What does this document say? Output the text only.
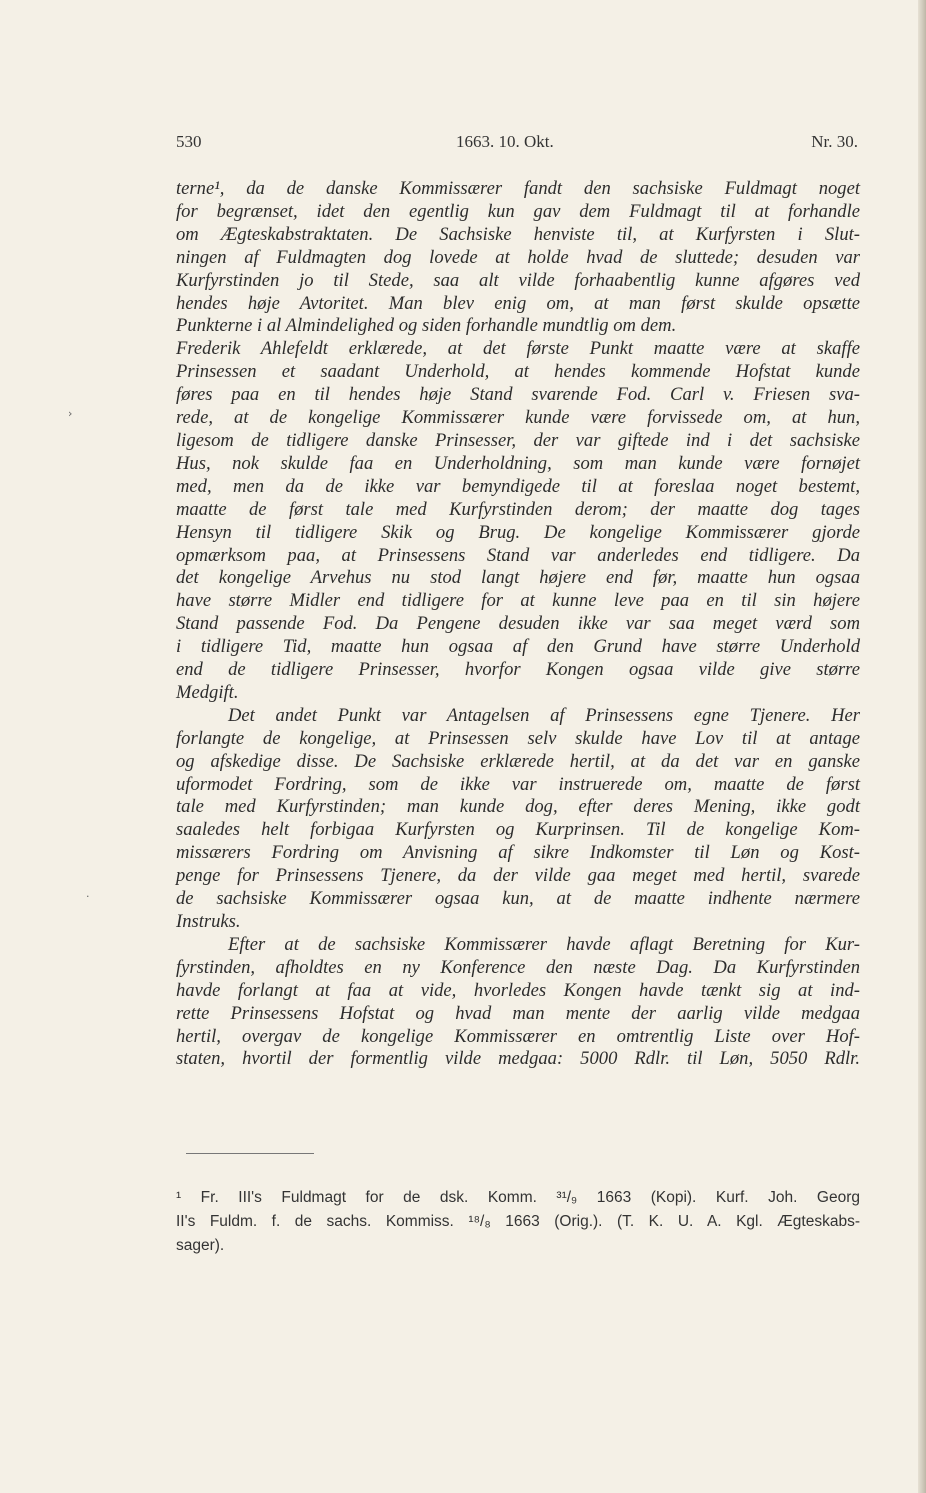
530	1663. 10. Okt.	Nr. 30.
›
terne¹, da de danske Kommissærer fandt den sachsiske Fuldmagt noget
for begrænset, idet den egentlig kun gav dem Fuldmagt til at forhandle
om Ægteskabstraktaten. De Sachsiske henviste til, at Kurfyrsten i Slut-
ningen af Fuldmagten dog lovede at holde hvad de sluttede; desuden var
Kurfyrstinden jo til Stede, saa alt vilde forhaabentlig kunne afgøres ved
hendes høje Avtoritet. Man blev enig om, at man først skulde opsætte
Punkterne i al Almindelighed og siden forhandle mundtlig om dem.
Frederik Ahlefeldt erklærede, at det første Punkt maatte være at skaffe
Prinsessen et saadant Underhold, at hendes kommende Hofstat kunde
føres paa en til hendes høje Stand svarende Fod. Carl v. Friesen sva-
rede, at de kongelige Kommissærer kunde være forvissede om, at hun,
ligesom de tidligere danske Prinsesser, der var giftede ind i det sachsiske
Hus, nok skulde faa en Underholdning, som man kunde være fornøjet
med, men da de ikke var bemyndigede til at foreslaa noget bestemt,
maatte de først tale med Kurfyrstinden derom; der maatte dog tages
Hensyn til tidligere Skik og Brug. De kongelige Kommissærer gjorde
opmærksom paa, at Prinsessens Stand var anderledes end tidligere. Da
det kongelige Arvehus nu stod langt højere end før, maatte hun ogsaa
have større Midler end tidligere for at kunne leve paa en til sin højere
Stand passende Fod. Da Pengene desuden ikke var saa meget værd som
i tidligere Tid, maatte hun ogsaa af den Grund have større Underhold
end de tidligere Prinsesser, hvorfor Kongen ogsaa vilde give større
Medgift.
Det andet Punkt var Antagelsen af Prinsessens egne Tjenere. Her
forlangte de kongelige, at Prinsessen selv skulde have Lov til at antage
og afskedige disse. De Sachsiske erklærede hertil, at da det var en ganske
uformodet Fordring, som de ikke var instruerede om, maatte de først
tale med Kurfyrstinden; man kunde dog, efter deres Mening, ikke godt
saaledes helt forbigaa Kurfyrsten og Kurprinsen. Til de kongelige Kom-
missærers Fordring om Anvisning af sikre Indkomster til Løn og Kost-
penge for Prinsessens Tjenere, da der vilde gaa meget med hertil, svarede
de sachsiske Kommissærer ogsaa kun, at de maatte indhente nærmere
Instruks.
Efter at de sachsiske Kommissærer havde aflagt Beretning for Kur-
fyrstinden, afholdtes en ny Konference den næste Dag. Da Kurfyrstinden
havde forlangt at faa at vide, hvorledes Kongen havde tænkt sig at ind-
rette Prinsessens Hofstat og hvad man mente der aarlig vilde medgaa
hertil, overgav de kongelige Kommissærer en omtrentlig Liste over Hof-
staten, hvortil der formentlig vilde medgaa: 5000 Rdlr. til Løn, 5050 Rdlr.
·
¹ Fr. III's Fuldmagt for de dsk. Komm. ³¹/₉ 1663 (Kopi). Kurf. Joh. Georg
II's Fuldm. f. de sachs. Kommiss. ¹⁸/₈ 1663 (Orig.). (T. K. U. A. Kgl. Ægteskabs-
sager).
